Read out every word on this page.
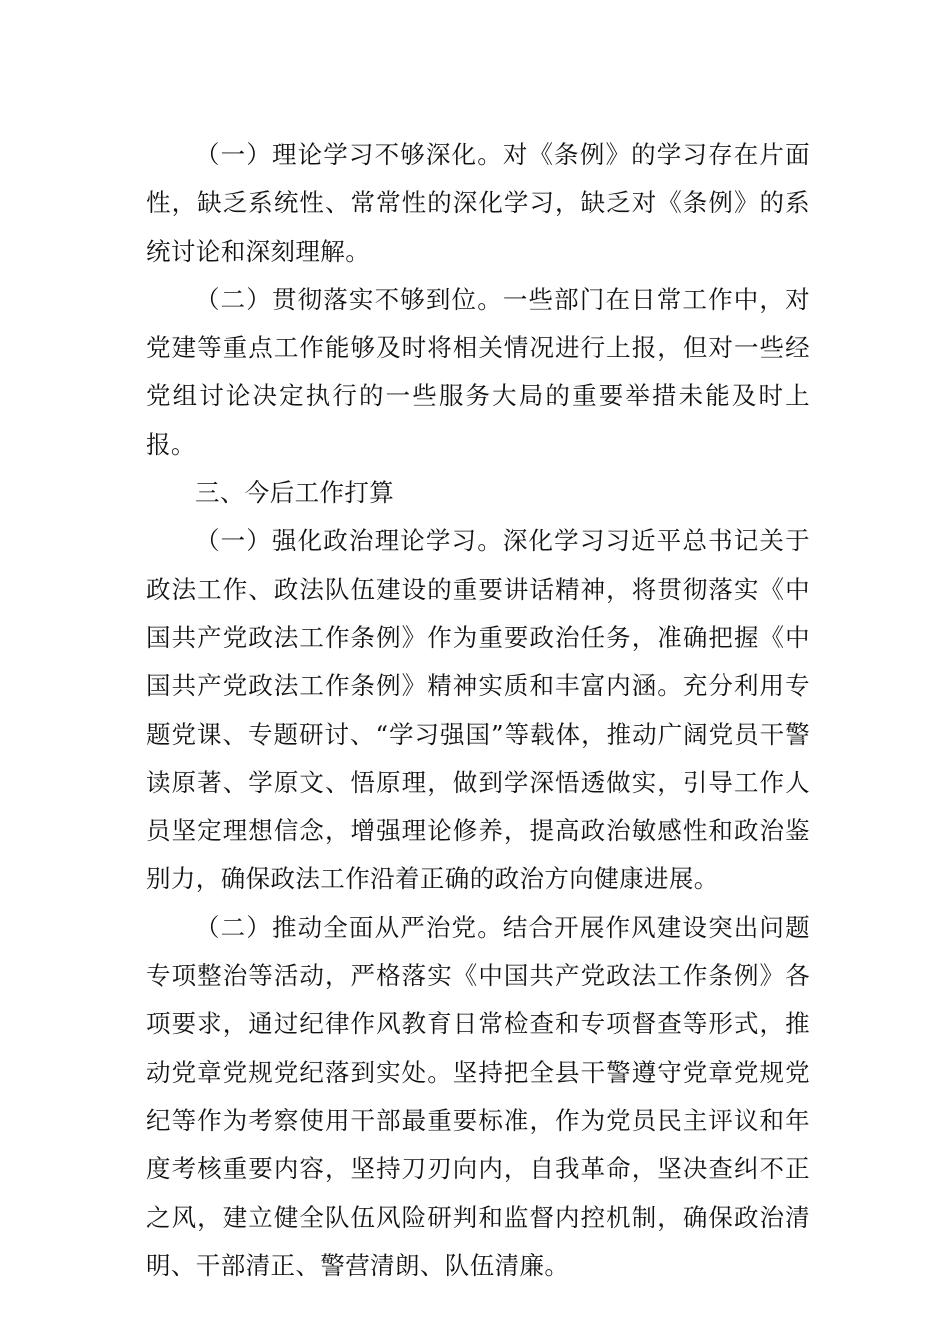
（一）理论学习不够深化。对《条例》的学习存在片面性，缺乏系统性、常常性的深化学习，缺乏对《条例》的系统讨论和深刻理解。

（二）贯彻落实不够到位。一些部门在日常工作中，对党建等重点工作能够及时将相关情况进行上报，但对一些经党组讨论决定执行的一些服务大局的重要举措未能及时上报。

三、今后工作打算

（一）强化政治理论学习。深化学习习近平总书记关于政法工作、政法队伍建设的重要讲话精神，将贯彻落实《中国共产党政法工作条例》作为重要政治任务，准确把握《中国共产党政法工作条例》精神实质和丰富内涵。充分利用专题党课、专题研讨、“学习强国”等载体，推动广阔党员干警读原著、学原文、悟原理，做到学深悟透做实，引导工作人员坚定理想信念，增强理论修养，提高政治敏感性和政治鉴别力，确保政法工作沿着正确的政治方向健康进展。

（二）推动全面从严治党。结合开展作风建设突出问题专项整治等活动，严格落实《中国共产党政法工作条例》各项要求，通过纪律作风教育日常检查和专项督查等形式，推动党章党规党纪落到实处。坚持把全县干警遵守党章党规党纪等作为考察使用干部最重要标准，作为党员民主评议和年度考核重要内容，坚持刀刃向内，自我革命，坚决查纠不正之风，建立健全队伍风险研判和监督内控机制，确保政治清明、干部清正、警营清朗、队伍清廉。
